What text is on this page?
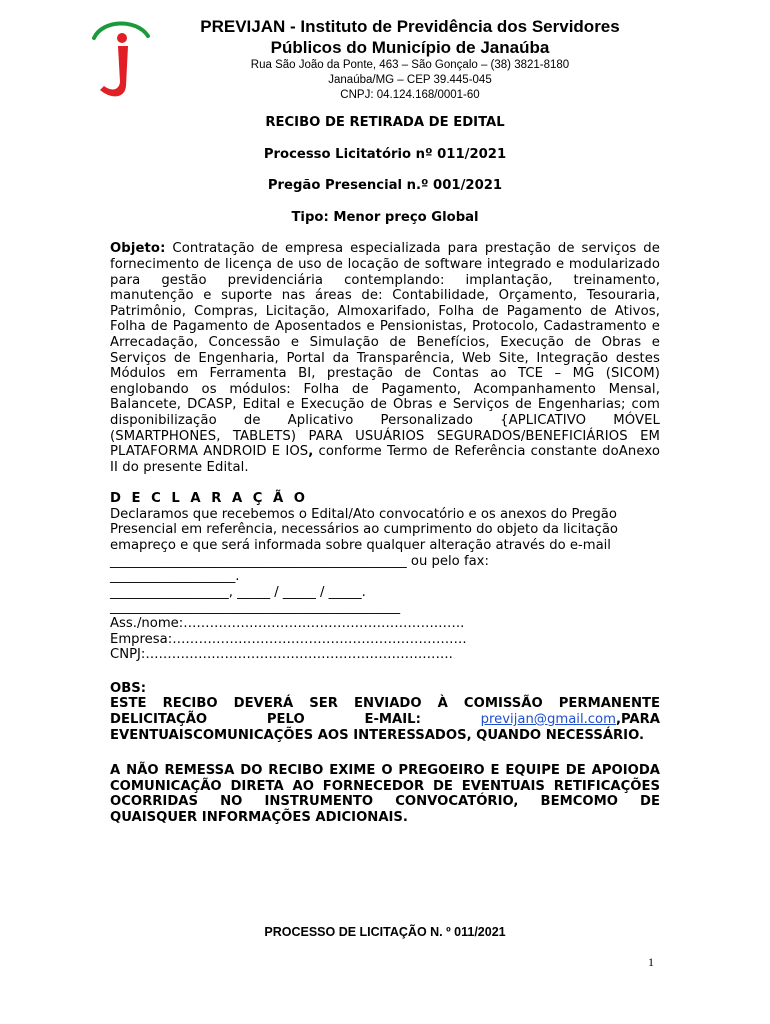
PREVIJAN - Instituto de Previdência dos Servidores
Públicos do Município de Janaúba
Rua São João da Ponte, 463 – São Gonçalo – (38) 3821-8180
Janaúba/MG – CEP 39.445-045
CNPJ: 04.124.168/0001-60
RECIBO DE RETIRADA DE EDITAL
Processo Licitatório nº 011/2021
Pregão Presencial n.º 001/2021
Tipo: Menor preço Global
Objeto: Contratação de empresa especializada para prestação de serviços de fornecimento de licença de uso de locação de software integrado e modularizado para gestão previdenciária contemplando: implantação, treinamento, manutenção e suporte nas áreas de: Contabilidade, Orçamento, Tesouraria, Patrimônio, Compras, Licitação, Almoxarifado, Folha de Pagamento de Ativos, Folha de Pagamento de Aposentados e Pensionistas, Protocolo, Cadastramento e Arrecadação, Concessão e Simulação de Benefícios, Execução de Obras e Serviços de Engenharia, Portal da Transparência, Web Site, Integração destes Módulos em Ferramenta BI, prestação de Contas ao TCE – MG (SICOM) englobando os módulos: Folha de Pagamento, Acompanhamento Mensal, Balancete, DCASP, Edital e Execução de Obras e Serviços de Engenharias; com disponibilização de Aplicativo Personalizado {APLICATIVO MÓVEL (SMARTPHONES, TABLETS) PARA USUÁRIOS SEGURADOS/BENEFICIÁRIOS EM PLATAFORMA ANDROID E IOS, conforme Termo de Referência constante doAnexo II do presente Edital.
D E C L A R A Ç Ã O
Declaramos que recebemos o Edital/Ato convocatório e os anexos do Pregão Presencial em referência, necessários ao cumprimento do objeto da licitação emapreço e que será informada sobre qualquer alteração através do e-mail
_____________________________________________ ou pelo fax:
___________________.
__________________, _____ / _____ / _____.
____________________________________________
Ass./nome:……………………………………………………….
Empresa:………………………………………………………….
CNPJ:…………………………………………………………….
OBS:
ESTE RECIBO DEVERÁ SER ENVIADO À COMISSÃO PERMANENTE DELICITAÇÃO PELO E-MAIL: previjan@gmail.com,PARA EVENTUAISCOMUNICAÇÕES AOS INTERESSADOS, QUANDO NECESSÁRIO.
A NÃO REMESSA DO RECIBO EXIME O PREGOEIRO E EQUIPE DE APOIODA COMUNICAÇÃO DIRETA AO FORNECEDOR DE EVENTUAIS RETIFICAÇÕES OCORRIDAS NO INSTRUMENTO CONVOCATÓRIO, BEMCOMO DE QUAISQUER INFORMAÇÕES ADICIONAIS.
PROCESSO DE LICITAÇÃO N. º 011/2021
1
